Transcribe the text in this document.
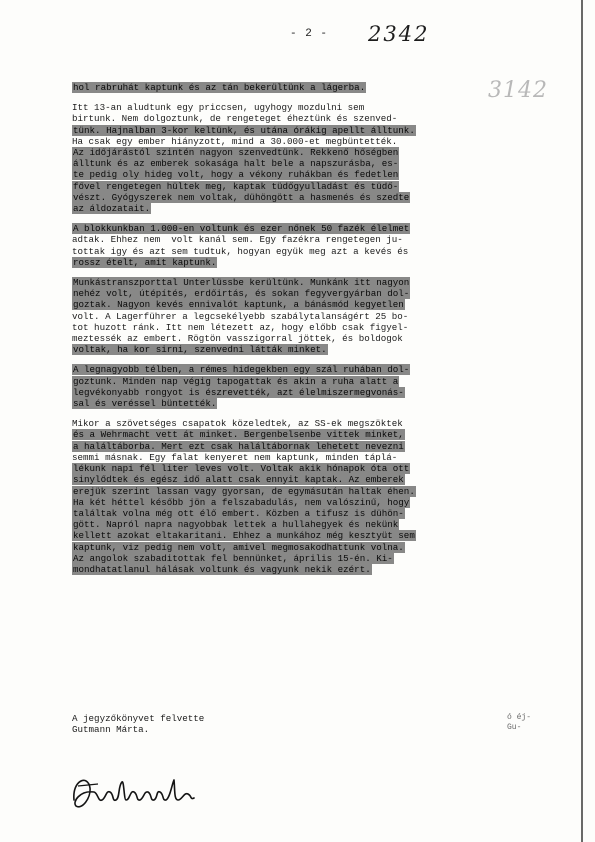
- 2 - 2342
3142

hol rabruhát kaptunk és az tán bekerültünk a lágerba.

Itt 13-an aludtunk egy priccsen, ugyhogy mozdulni sem
birtunk. Nem dolgoztunk, de rengeteget éheztünk és szenved-
tünk. Hajnalban 3-kor keltünk, és utána órákig apellt álltunk.
Ha csak egy ember hiányzott, mind a 30.000-et megbüntették.
Az időjárástól szintén nagyon szenvedtünk. Rekkenő hőségben
álltunk és az emberek sokasága halt bele a napszurásba, es-
te pedig oly hideg volt, hogy a vékony ruhákban és fedetlen
fővel rengetegen hültek meg, kaptak tüdőgyulladást és tüdő-
vészt. Gyógyszerek nem voltak, dühöngött a hasmenés és szedte
az áldozatait.

A blokkunkban 1.000-en voltunk és ezer nőnek 50 fazék élelmet
adtak. Ehhez nem  volt kanál sem. Egy fazékra rengetegen ju-
tottak igy és azt sem tudtuk, hogyan együk meg azt a kevés és
rossz ételt, amit kaptunk.

Munkástranszporttal Unterlüssbe kerültünk. Munkánk itt nagyon
nehéz volt, útépítés, erdőirtás, és sokan fegyvergyárban dol-
goztak. Nagyon kevés ennivalót kaptunk, a bánásmód kegyetlen
volt. A Lagerführer a legcsekélyebb szabálytalanságért 25 bo-
tot huzott ránk. Itt nem létezett az, hogy előbb csak figyel-
meztessék az embert. Rögtön vasszigorral jöttek, és boldogok
voltak, ha kor sirni, szenvedni látták minket.

A legnagyobb télben, a rémes hidegekben egy szál ruhában dol-
goztunk. Minden nap végig tapogattak és akin a ruha alatt a
legvékonyabb rongyot is észrevették, azt élelmiszermegvonás-
sal és veréssel büntették.

Mikor a szövetséges csapatok közeledtek, az SS-ek megszöktek
és a Wehrmacht vett át minket. Bergenbelsenbe vittek minket,
a haláltáborba. Mert ezt csak haláltábornak lehetett nevezni
semmi másnak. Egy falat kenyeret nem kaptunk, minden táplá-
lékunk napi fél liter leves volt. Voltak akik hónapok óta ott
sinylődtek és egész idő alatt csak ennyit kaptak. Az emberek
erejük szerint lassan vagy gyorsan, de egymásután haltak éhen.
Ha két héttel később jön a felszabadulás, nem valószinű, hogy
találtak volna még ott élő embert. Közben a tifusz is dühön-
gött. Napról napra nagyobbak lettek a hullahegyek és nekünk
kellett azokat eltakaritani. Ehhez a munkához még kesztyüt sem
kaptunk, viz pedig nem volt, amivel megmosakodhattunk volna.
Az angolok szabaditottak fel bennünket, április 15-én. Ki-
mondhatatlanul hálásak voltunk és vagyunk nekik ezért.

A jegyzőkönyvet felvette
Gutmann Márta.
ó éj-
Gu-
